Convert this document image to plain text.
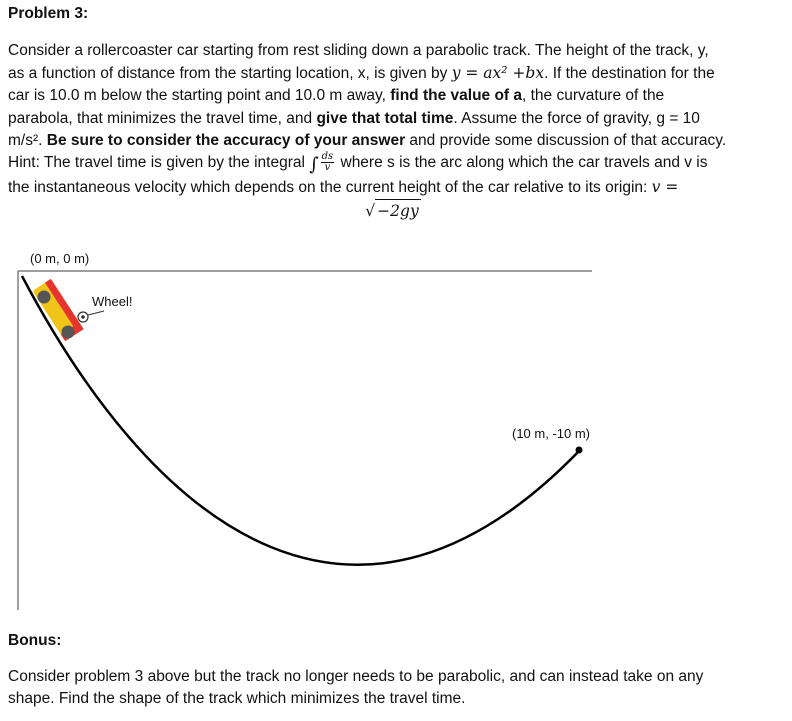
Problem 3:
Consider a rollercoaster car starting from rest sliding down a parabolic track. The height of the track, y,
as a function of distance from the starting location, x, is given by y = ax² +bx. If the destination for the
car is 10.0 m below the starting point and 10.0 m away, find the value of a, the curvature of the
parabola, that minimizes the travel time, and give that total time. Assume the force of gravity, g = 10
m/s². Be sure to consider the accuracy of your answer and provide some discussion of that accuracy.
Hint: The travel time is given by the integral ∫ $\frac{ds}{v}$ where s is the arc along which the car travels and v is
the instantaneous velocity which depends on the current height of the car relative to its origin: v =
√ −2gy
(0 m, 0 m)
(10 m, -10 m)
Wheel!
Bonus:
Consider problem 3 above but the track no longer needs to be parabolic, and can instead take on any
shape. Find the shape of the track which minimizes the travel time.
